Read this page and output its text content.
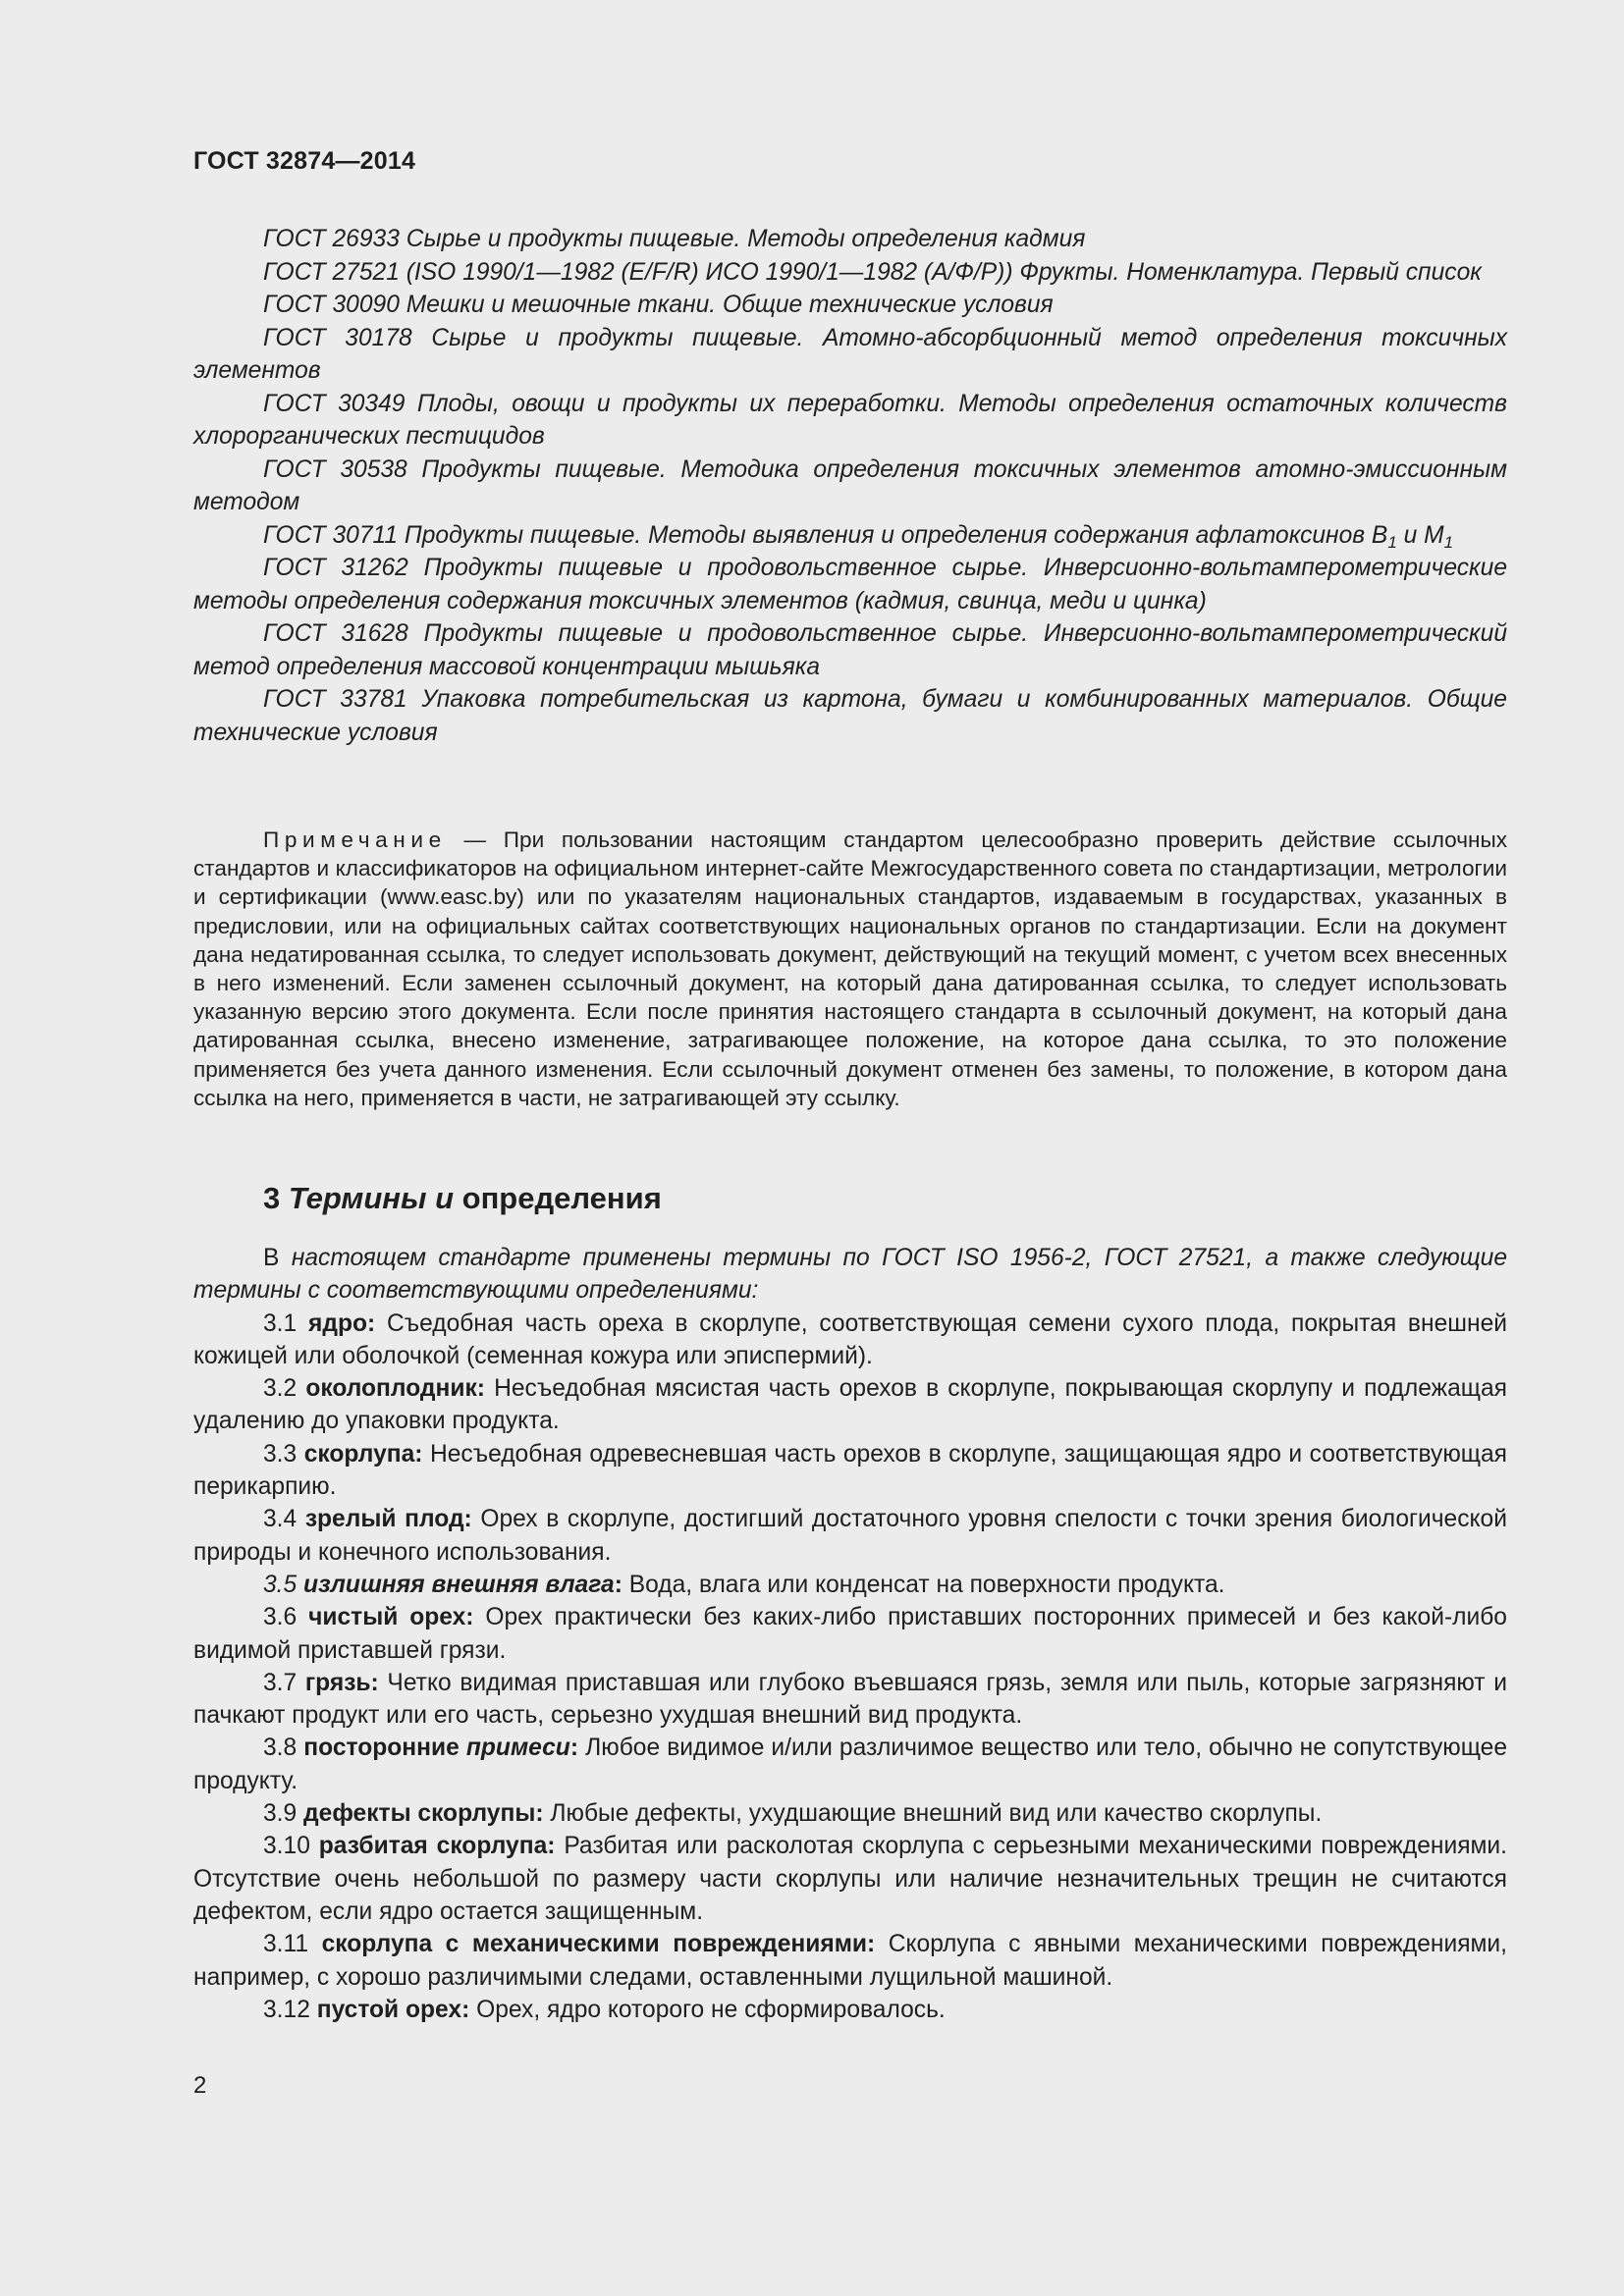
ГОСТ 32874—2014

ГОСТ 26933 Сырье и продукты пищевые. Методы определения кадмия

ГОСТ 27521 (ISO 1990/1—1982 (E/F/R) ИСО 1990/1—1982 (А/Ф/Р)) Фрукты. Номенклатура. Первый список

ГОСТ 30090 Мешки и мешочные ткани. Общие технические условия

ГОСТ 30178 Сырье и продукты пищевые. Атомно-абсорбционный метод определения токсичных элементов

ГОСТ 30349 Плоды, овощи и продукты их переработки. Методы определения остаточных количеств хлорорганических пестицидов

ГОСТ 30538 Продукты пищевые. Методика определения токсичных элементов атомно-эмиссионным методом

ГОСТ 30711 Продукты пищевые. Методы выявления и определения содержания афлатоксинов $В_1$ и $М_1$

ГОСТ 31262 Продукты пищевые и продовольственное сырье. Инверсионно-вольтамперометрические методы определения содержания токсичных элементов (кадмия, свинца, меди и цинка)

ГОСТ 31628 Продукты пищевые и продовольственное сырье. Инверсионно-вольтамперометрический метод определения массовой концентрации мышьяка

ГОСТ 33781 Упаковка потребительская из картона, бумаги и комбинированных материалов. Общие технические условия

Примечание — При пользовании настоящим стандартом целесообразно проверить действие ссылочных стандартов и классификаторов на официальном интернет-сайте Межгосударственного совета по стандартизации, метрологии и сертификации (www.easc.by) или по указателям национальных стандартов, издаваемым в государствах, указанных в предисловии, или на официальных сайтах соответствующих национальных органов по стандартизации. Если на документ дана недатированная ссылка, то следует использовать документ, действующий на текущий момент, с учетом всех внесенных в него изменений. Если заменен ссылочный документ, на который дана датированная ссылка, то следует использовать указанную версию этого документа. Если после принятия настоящего стандарта в ссылочный документ, на который дана датированная ссылка, внесено изменение, затрагивающее положение, на которое дана ссылка, то это положение применяется без учета данного изменения. Если ссылочный документ отменен без замены, то положение, в котором дана ссылка на него, применяется в части, не затрагивающей эту ссылку.

3 Термины и определения

В настоящем стандарте применены термины по ГОСТ ISO 1956-2, ГОСТ 27521, а также следующие термины с соответствующими определениями:

3.1 ядро: Съедобная часть ореха в скорлупе, соответствующая семени сухого плода, покрытая внешней кожицей или оболочкой (семенная кожура или эписпермий).

3.2 околоплодник: Несъедобная мясистая часть орехов в скорлупе, покрывающая скорлупу и подлежащая удалению до упаковки продукта.

3.3 скорлупа: Несъедобная одревесневшая часть орехов в скорлупе, защищающая ядро и соответствующая перикарпию.

3.4 зрелый плод: Орех в скорлупе, достигший достаточного уровня спелости с точки зрения биологической природы и конечного использования.

3.5 излишняя внешняя влага: Вода, влага или конденсат на поверхности продукта.

3.6 чистый орех: Орех практически без каких-либо приставших посторонних примесей и без какой-либо видимой приставшей грязи.

3.7 грязь: Четко видимая приставшая или глубоко въевшаяся грязь, земля или пыль, которые загрязняют и пачкают продукт или его часть, серьезно ухудшая внешний вид продукта.

3.8 посторонние примеси: Любое видимое и/или различимое вещество или тело, обычно не сопутствующее продукту.

3.9 дефекты скорлупы: Любые дефекты, ухудшающие внешний вид или качество скорлупы.

3.10 разбитая скорлупа: Разбитая или расколотая скорлупа с серьезными механическими повреждениями. Отсутствие очень небольшой по размеру части скорлупы или наличие незначительных трещин не считаются дефектом, если ядро остается защищенным.

3.11 скорлупа с механическими повреждениями: Скорлупа с явными механическими повреждениями, например, с хорошо различимыми следами, оставленными лущильной машиной.

3.12 пустой орех: Орех, ядро которого не сформировалось.

2
